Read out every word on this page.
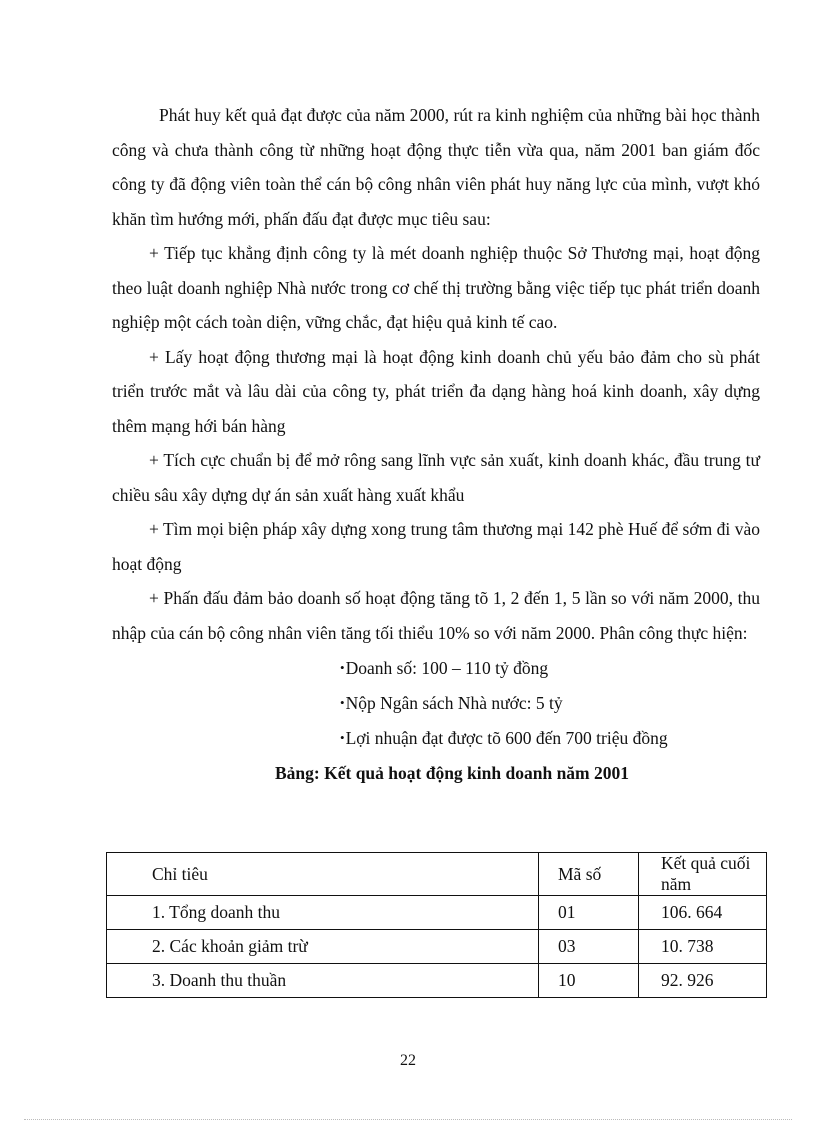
Phát huy kết quả đạt được của năm 2000, rút ra kinh nghiệm của những bài học thành công và chưa thành công từ những hoạt động thực tiễn vừa qua, năm 2001 ban giám đốc công ty đã động viên toàn thể cán bộ công nhân viên phát huy năng lực của mình, vượt khó khăn tìm hướng mới, phấn đấu đạt được mục tiêu sau:

+ Tiếp tục khẳng định công ty là mét doanh nghiệp thuộc Sở Thương mại, hoạt động theo luật doanh nghiệp Nhà nước trong cơ chế thị trường bằng việc tiếp tục phát triển doanh nghiệp một cách toàn diện, vững chắc, đạt hiệu quả kinh tế cao.

+ Lấy hoạt động thương mại là hoạt động kinh doanh chủ yếu bảo đảm cho sù phát triển trước mắt và lâu dài của công ty, phát triển đa dạng hàng hoá kinh doanh, xây dựng thêm mạng hới bán hàng

+ Tích cực chuẩn bị để mở rông sang lĩnh vực sản xuất, kinh doanh khác, đầu trung tư chiều sâu xây dựng dự án sản xuất hàng xuất khẩu

+ Tìm mọi biện pháp xây dựng xong trung tâm thương mại 142 phè Huế để sớm đi vào hoạt động

+ Phấn đấu đảm bảo doanh số hoạt động tăng tõ 1, 2 đến 1, 5 lần so với năm 2000, thu nhập của cán bộ công nhân viên tăng tối thiểu 10% so với năm 2000. Phân công thực hiện:

•Doanh số: 100 – 110 tỷ đồng
•Nộp Ngân sách Nhà nước: 5 tỷ
•Lợi nhuận đạt được tõ 600 đến 700 triệu đồng
Bảng: Kết quả hoạt động kinh doanh năm 2001
Chỉ tiêu	Mã số	Kết quả cuối năm
1. Tổng doanh thu	01	106. 664
2. Các khoản giảm trừ	03	10. 738
3. Doanh thu thuần	10	92. 926
22
